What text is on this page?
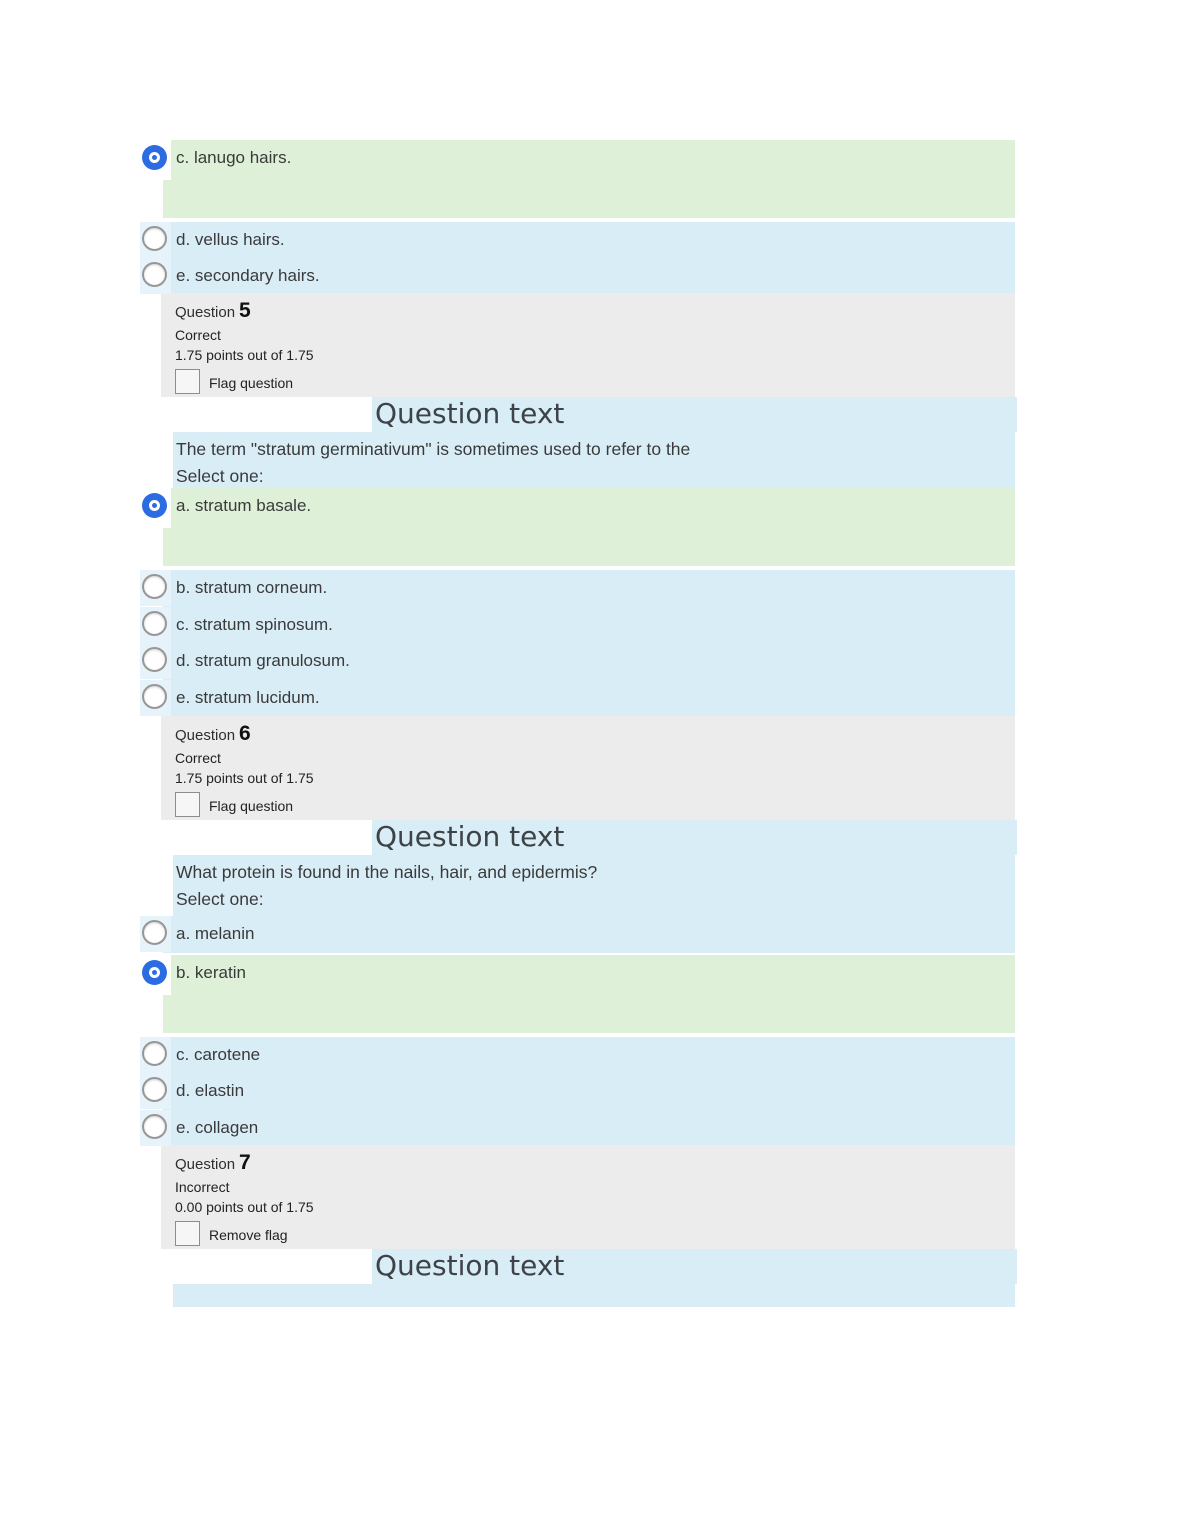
c. lanugo hairs.
d. vellus hairs.
e. secondary hairs.
Question 5
Correct
1.75 points out of 1.75
Flag question
Question text
The term "stratum germinativum" is sometimes used to refer to the
Select one:
a. stratum basale.
b. stratum corneum.
c. stratum spinosum.
d. stratum granulosum.
e. stratum lucidum.
Question 6
Correct
1.75 points out of 1.75
Flag question
Question text
What protein is found in the nails, hair, and epidermis?
Select one:
a. melanin
b. keratin
c. carotene
d. elastin
e. collagen
Question 7
Incorrect
0.00 points out of 1.75
Remove flag
Question text
